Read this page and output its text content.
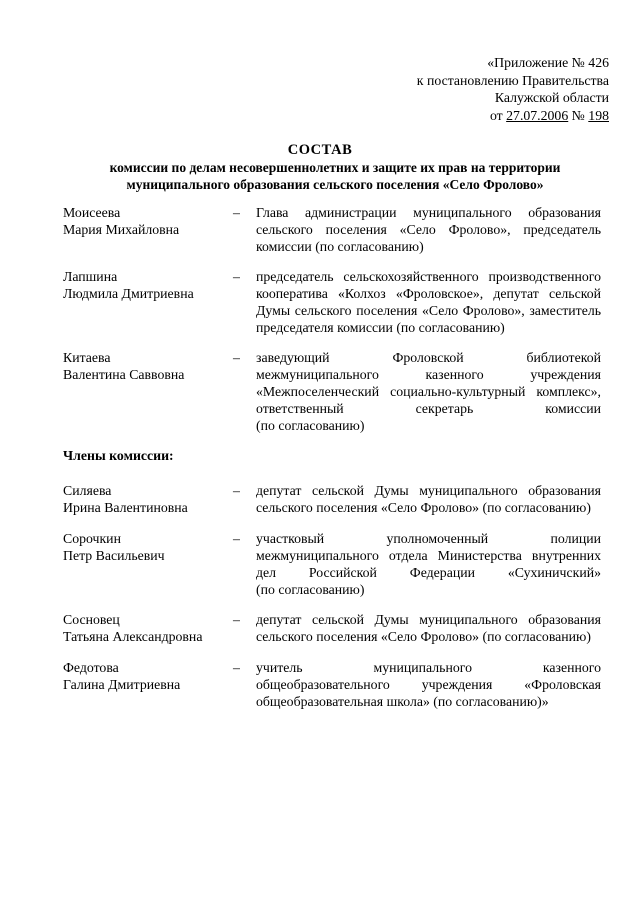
«Приложение № 426
к постановлению Правительства
Калужской области
от 27.07.2006 № 198
СОСТАВ
комиссии по делам несовершеннолетних и защите их прав на территории
муниципального образования сельского поселения «Село Фролово»
Моисеева
Мария Михайловна
–	Глава администрации муниципального образования
сельского поселения «Село Фролово», председатель
комиссии (по согласованию)
Лапшина
Людмила Дмитриевна
–	председатель сельскохозяйственного производственного
кооператива «Колхоз «Фроловское», депутат сельской
Думы сельского поселения «Село Фролово», заместитель
председателя комиссии (по согласованию)
Китаева
Валентина Саввовна
–	заведующий Фроловской библиотекой
межмуниципального казенного учреждения
«Межпоселенческий социально-культурный комплекс»,
ответственный секретарь комиссии
(по согласованию)
Члены комиссии:
Силяева
Ирина Валентиновна
–	депутат сельской Думы муниципального образования
сельского поселения «Село Фролово» (по согласованию)
Сорочкин
Петр Васильевич
–	участковый уполномоченный полиции
межмуниципального отдела Министерства внутренних
дел Российской Федерации «Сухиничский»
(по согласованию)
Сосновец
Татьяна Александровна
–	депутат сельской Думы муниципального образования
сельского поселения «Село Фролово» (по согласованию)
Федотова
Галина Дмитриевна
–	учитель муниципального казенного
общеобразовательного учреждения «Фроловская
общеобразовательная школа» (по согласованию)»
